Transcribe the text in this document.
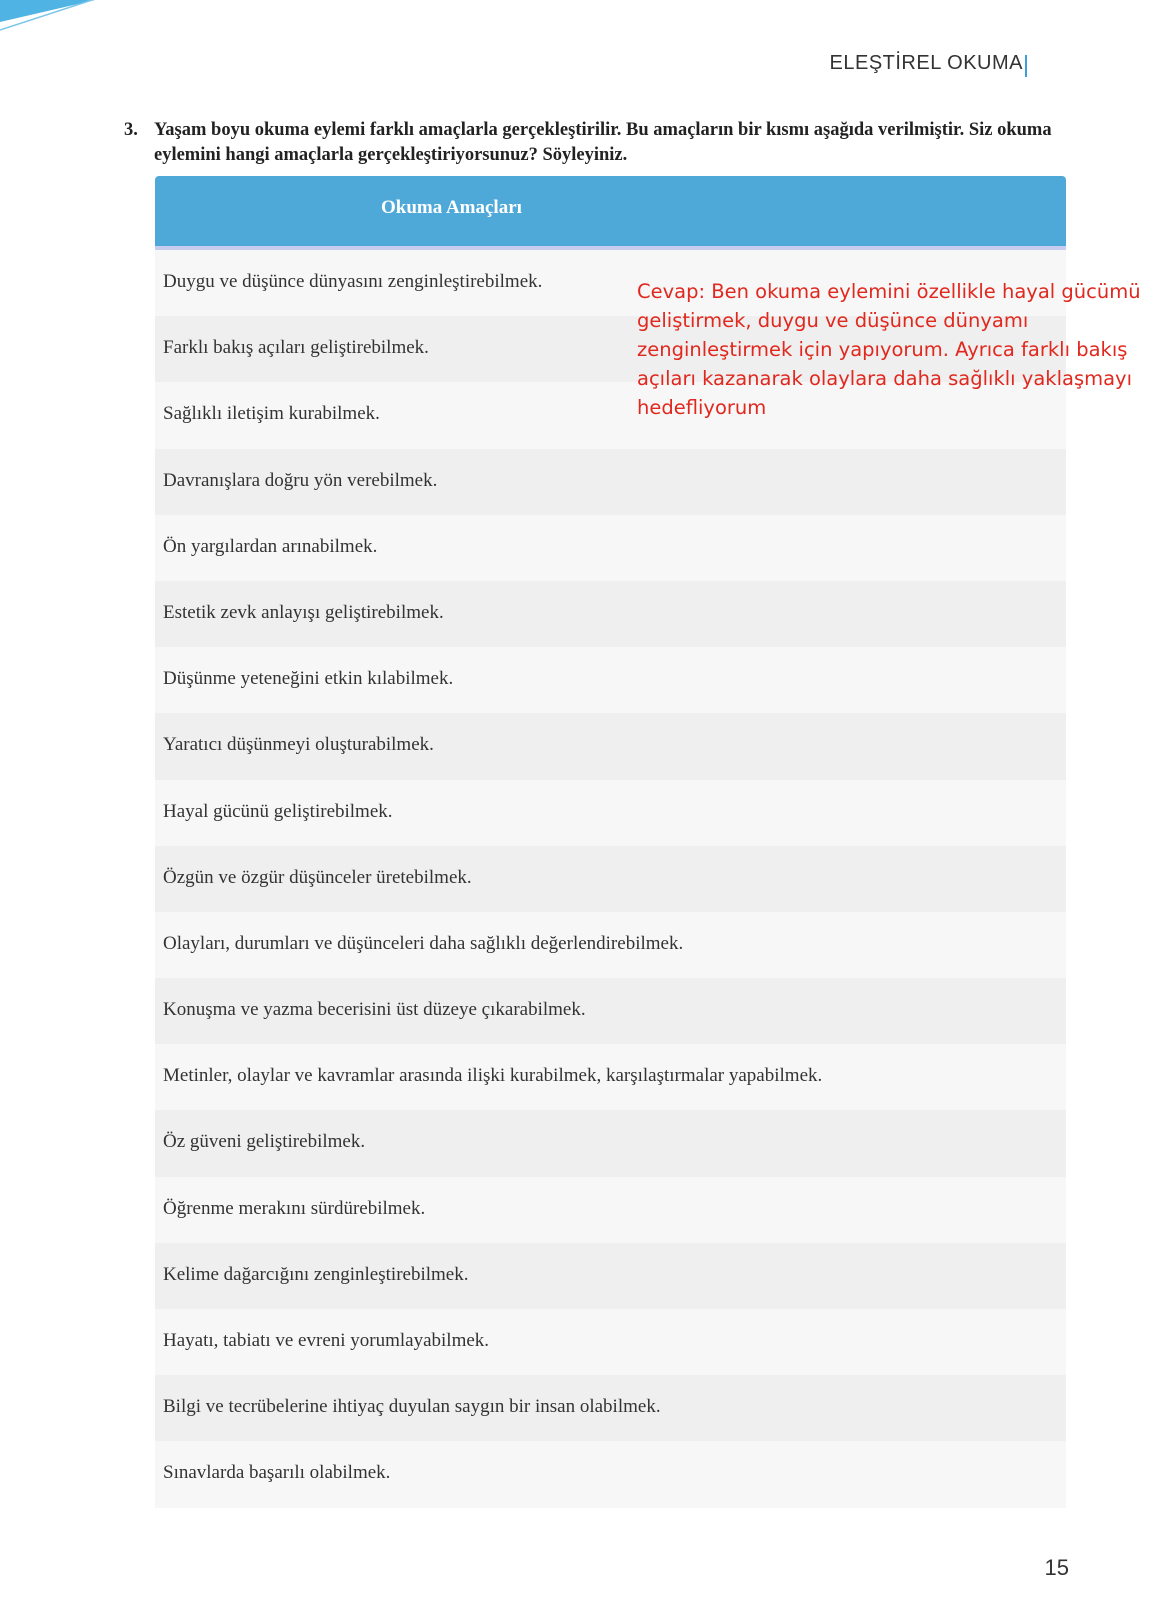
ELEŞTİREL OKUMA
3. Yaşam boyu okuma eylemi farklı amaçlarla gerçekleştirilir. Bu amaçların bir kısmı aşağıda verilmiştir. Siz okuma eylemini hangi amaçlarla gerçekleştiriyorsunuz? Söyleyiniz.
Okuma Amaçları
Duygu ve düşünce dünyasını zenginleştirebilmek.
Farklı bakış açıları geliştirebilmek.
Sağlıklı iletişim kurabilmek.
Davranışlara doğru yön verebilmek.
Ön yargılardan arınabilmek.
Estetik zevk anlayışı geliştirebilmek.
Düşünme yeteneğini etkin kılabilmek.
Yaratıcı düşünmeyi oluşturabilmek.
Hayal gücünü geliştirebilmek.
Özgün ve özgür düşünceler üretebilmek.
Olayları, durumları ve düşünceleri daha sağlıklı değerlendirebilmek.
Konuşma ve yazma becerisini üst düzeye çıkarabilmek.
Metinler, olaylar ve kavramlar arasında ilişki kurabilmek, karşılaştırmalar yapabilmek.
Öz güveni geliştirebilmek.
Öğrenme merakını sürdürebilmek.
Kelime dağarcığını zenginleştirebilmek.
Hayatı, tabiatı ve evreni yorumlayabilmek.
Bilgi ve tecrübelerine ihtiyaç duyulan saygın bir insan olabilmek.
Sınavlarda başarılı olabilmek.
Cevap: Ben okuma eylemini özellikle hayal gücümü geliştirmek, duygu ve düşünce dünyamı zenginleştirmek için yapıyorum. Ayrıca farklı bakış açıları kazanarak olaylara daha sağlıklı yaklaşmayı hedefliyorum
15
